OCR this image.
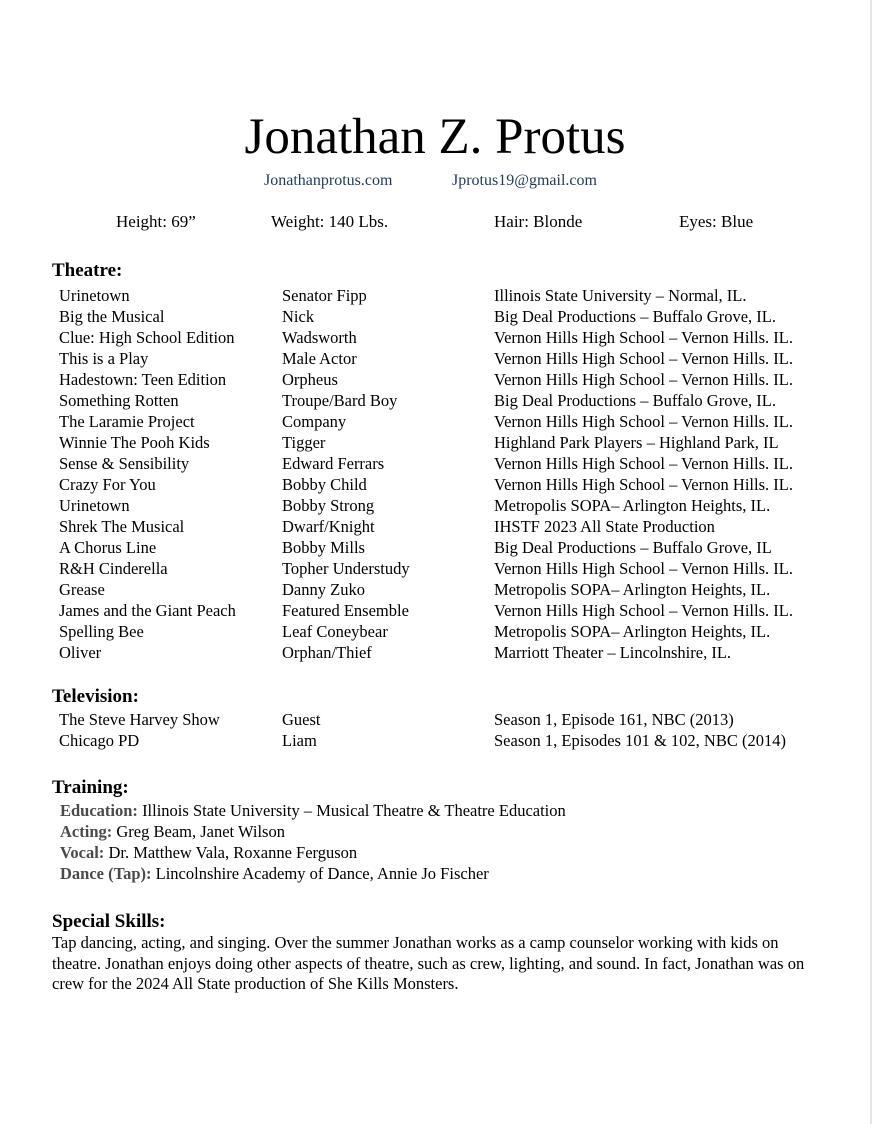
Jonathan Z. Protus
Jonathanprotus.com	Jprotus19@gmail.com
Height: 69”	Weight: 140 Lbs.	Hair: Blonde	Eyes: Blue
Theatre:
Urinetown	Senator Fipp	Illinois State University – Normal, IL.
Big the Musical	Nick	Big Deal Productions – Buffalo Grove, IL.
Clue: High School Edition	Wadsworth	Vernon Hills High School – Vernon Hills. IL.
This is a Play	Male Actor	Vernon Hills High School – Vernon Hills. IL.
Hadestown: Teen Edition	Orpheus	Vernon Hills High School – Vernon Hills. IL.
Something Rotten	Troupe/Bard Boy	Big Deal Productions – Buffalo Grove, IL.
The Laramie Project	Company	Vernon Hills High School – Vernon Hills. IL.
Winnie The Pooh Kids	Tigger	Highland Park Players – Highland Park, IL
Sense & Sensibility	Edward Ferrars	Vernon Hills High School – Vernon Hills. IL.
Crazy For You	Bobby Child	Vernon Hills High School – Vernon Hills. IL.
Urinetown	Bobby Strong	Metropolis SOPA– Arlington Heights, IL.
Shrek The Musical	Dwarf/Knight	IHSTF 2023 All State Production
A Chorus Line	Bobby Mills	Big Deal Productions – Buffalo Grove, IL
R&H Cinderella	Topher Understudy	Vernon Hills High School – Vernon Hills. IL.
Grease	Danny Zuko	Metropolis SOPA– Arlington Heights, IL.
James and the Giant Peach	Featured Ensemble	Vernon Hills High School – Vernon Hills. IL.
Spelling Bee	Leaf Coneybear	Metropolis SOPA– Arlington Heights, IL.
Oliver	Orphan/Thief	Marriott Theater – Lincolnshire, IL.
Television:
The Steve Harvey Show	Guest	Season 1, Episode 161, NBC (2013)
Chicago PD	Liam	Season 1, Episodes 101 & 102, NBC (2014)
Training:
Education: Illinois State University – Musical Theatre & Theatre Education
Acting: Greg Beam, Janet Wilson
Vocal: Dr. Matthew Vala, Roxanne Ferguson
Dance (Tap): Lincolnshire Academy of Dance, Annie Jo Fischer
Special Skills:
Tap dancing, acting, and singing. Over the summer Jonathan works as a camp counselor working with kids on theatre. Jonathan enjoys doing other aspects of theatre, such as crew, lighting, and sound. In fact, Jonathan was on crew for the 2024 All State production of She Kills Monsters.
